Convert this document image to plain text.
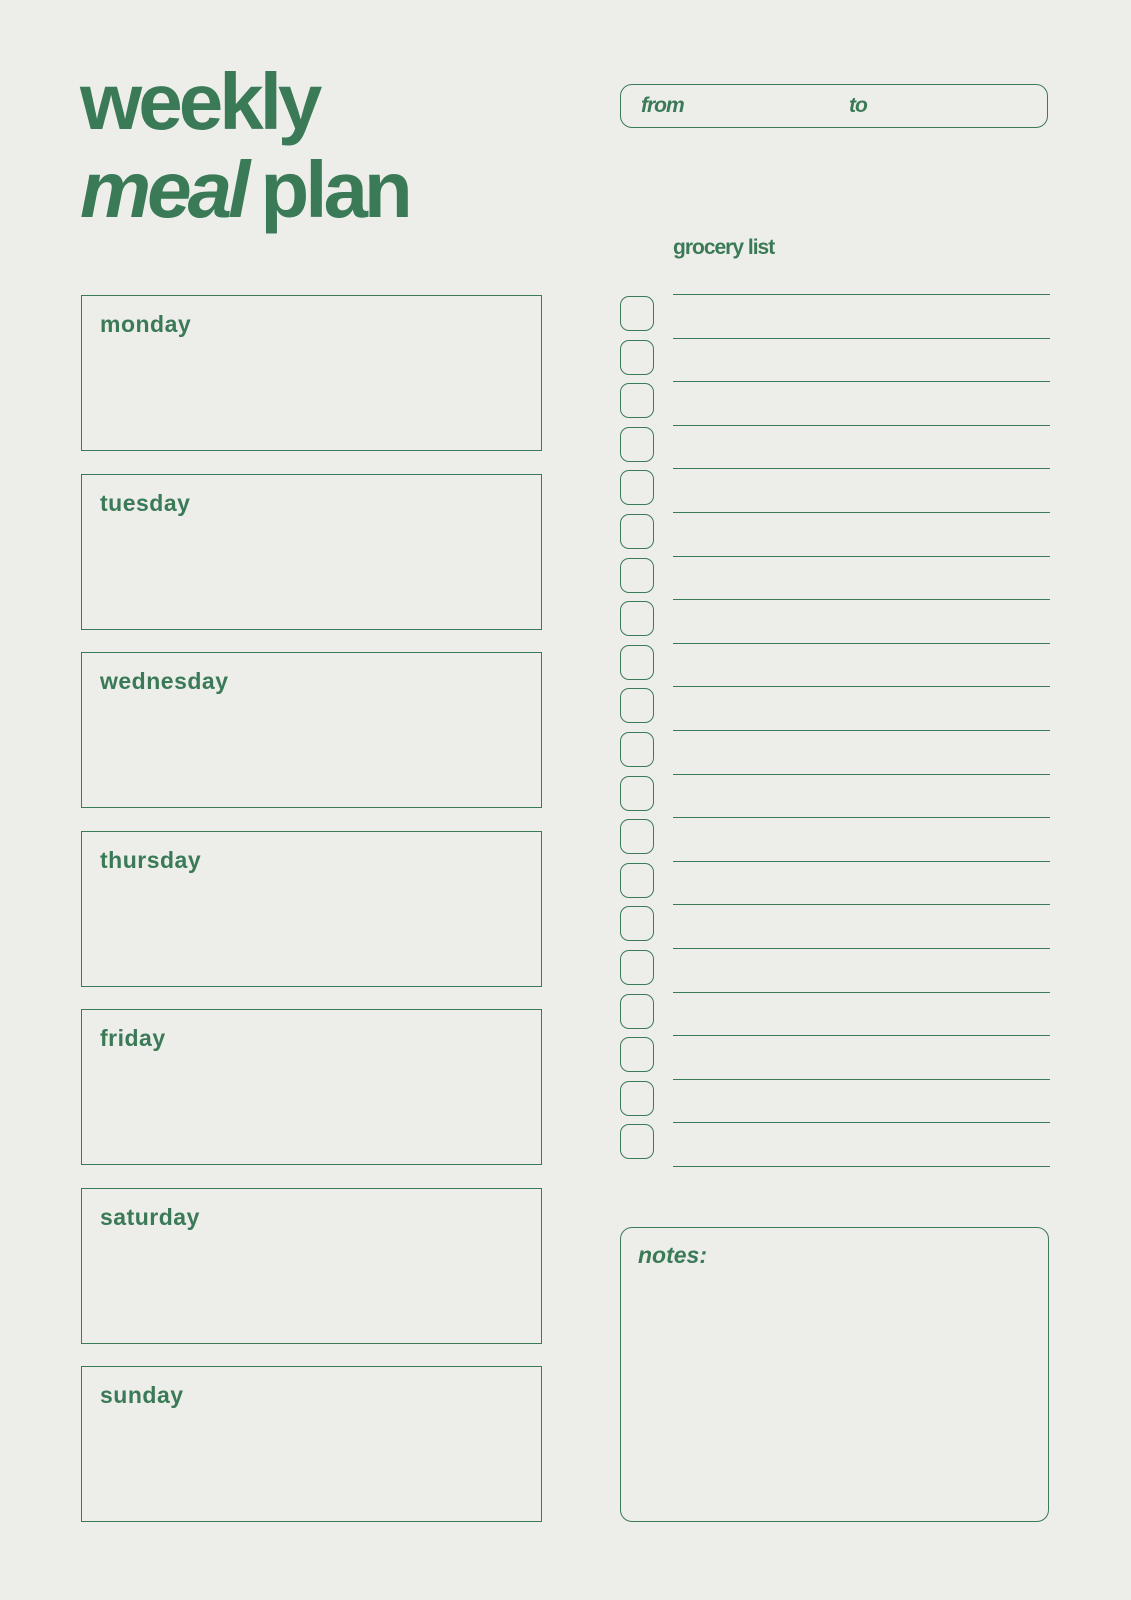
weekly
meal plan
from	to
grocery list
monday
tuesday
wednesday
thursday
friday
saturday
sunday
notes:
